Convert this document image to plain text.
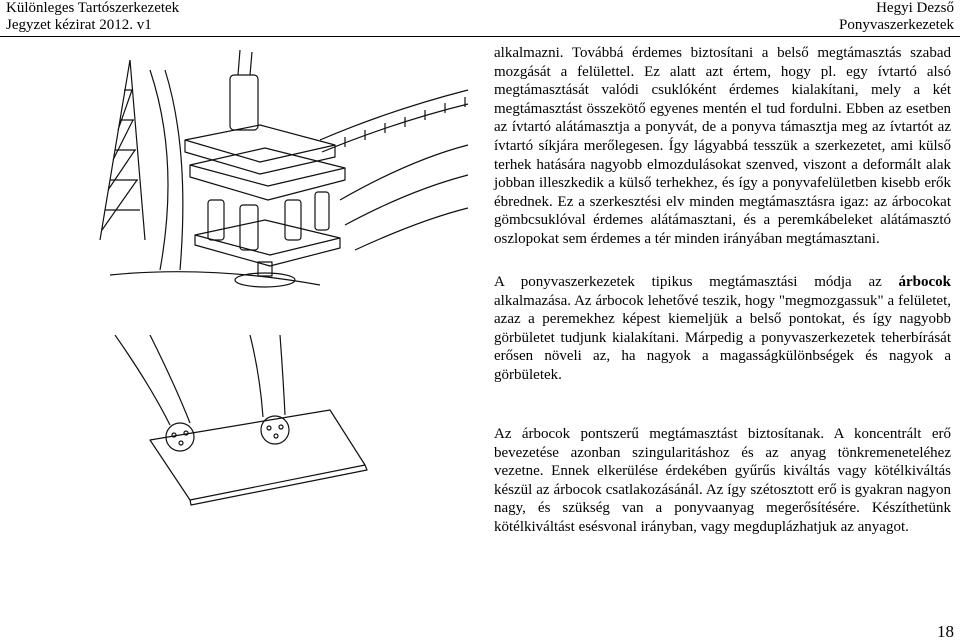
Különleges Tartószerkezetek
Jegyzet kézirat 2012. v1
Hegyi Dezső
Ponyvaszerkezetek

alkalmazni. Továbbá érdemes biztosítani a belső megtámasztás szabad mozgását a felülettel. Ez alatt azt értem, hogy pl. egy ívtartó alsó megtámasztását valódi csuklóként érdemes kialakítani, mely a két megtámasztást összekötő egyenes mentén el tud fordulni. Ebben az esetben az ívtartó alátámasztja a ponyvát, de a ponyva támasztja meg az ívtartót az ívtartó síkjára merőlegesen. Így lágyabbá tesszük a szerkezetet, ami külső terhek hatására nagyobb elmozdulásokat szenved, viszont a deformált alak jobban illeszkedik a külső terhekhez, és így a ponyvafelületben kisebb erők ébrednek. Ez a szerkesztési elv minden megtámasztásra igaz: az árbocokat gömbcsuklóval érdemes alátámasztani, és a peremkábeleket alátámasztó oszlopokat sem érdemes a tér minden irányában megtámasztani.

A ponyvaszerkezetek tipikus megtámasztási módja az árbocok alkalmazása. Az árbocok lehetővé teszik, hogy "megmozgassuk" a felületet, azaz a peremekhez képest kiemeljük a belső pontokat, és így nagyobb görbületet tudjunk kialakítani. Márpedig a ponyvaszerkezetek teherbírását erősen növeli az, ha nagyok a magasságkülönbségek és nagyok a görbületek.

Az árbocok pontszerű megtámasztást biztosítanak. A koncentrált erő bevezetése azonban szingularitáshoz és az anyag tönkremeneteléhez vezetne. Ennek elkerülése érdekében gyűrűs kiváltás vagy kötélkiváltás készül az árbocok csatlakozásánál. Az így szétosztott erő is gyakran nagyon nagy, és szükség van a ponyvaanyag megerősítésére. Készíthetünk kötélkiváltást esésvonal irányban, vagy megduplázhatjuk az anyagot.

18
